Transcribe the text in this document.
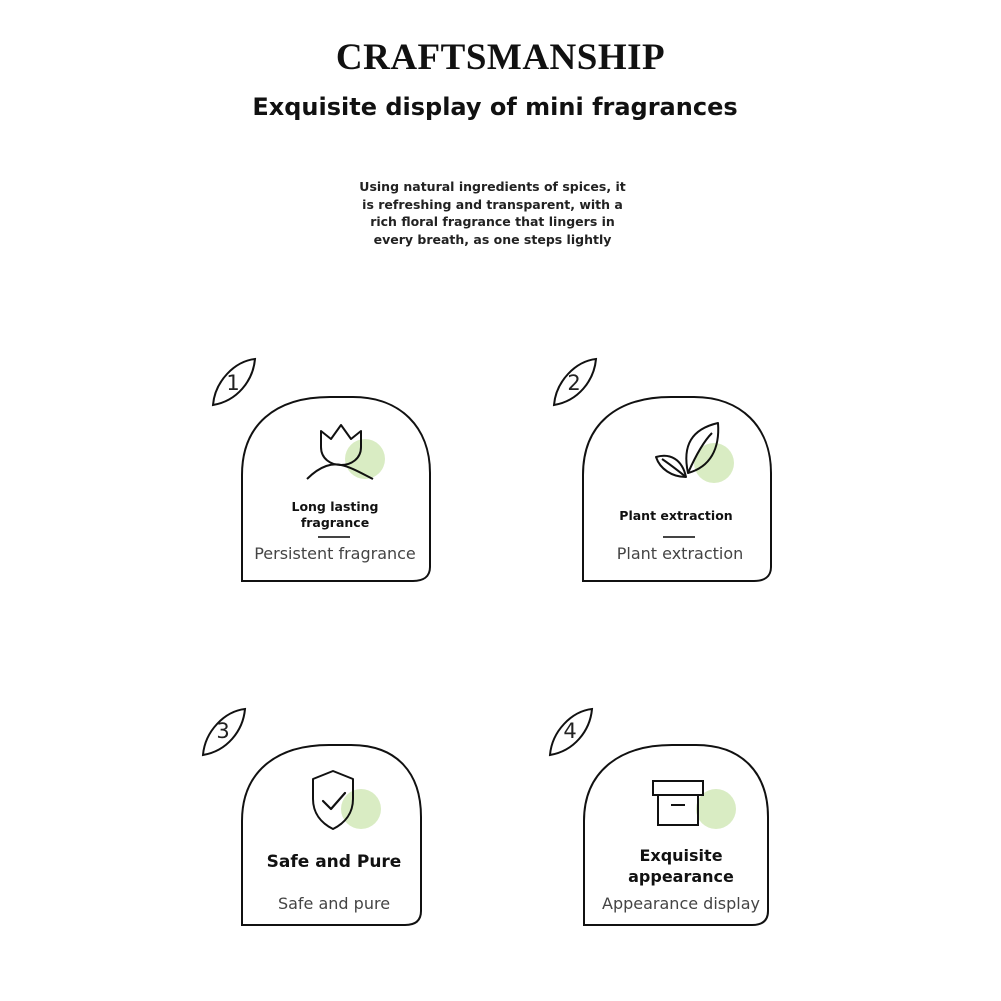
CRAFTSMANSHIP
Exquisite display of mini fragrances
Using natural ingredients of spices, it
is refreshing and transparent, with a
rich floral fragrance that lingers in
every breath, as one steps lightly
1
Long lasting
fragrance
Persistent fragrance
2
Plant extraction
Plant extraction
3
Safe and Pure
Safe and pure
4
Exquisite
appearance
Appearance display
